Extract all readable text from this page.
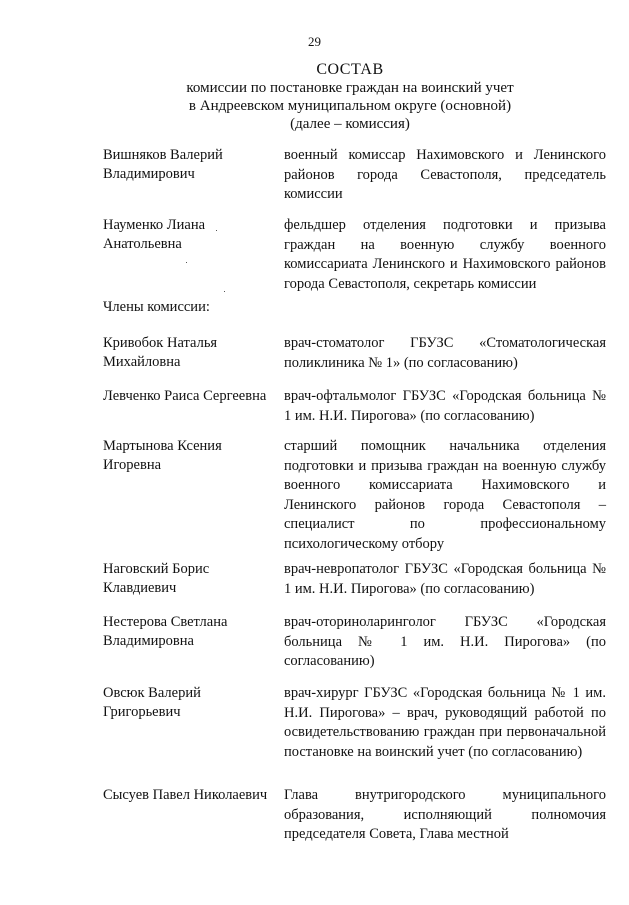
29
СОСТАВ
комиссии по постановке граждан на воинский учет
в Андреевском муниципальном округе (основной)
(далее – комиссия)
Вишняков Валерий Владимирович
военный комиссар Нахимовского и Ленинского районов города Севастополя, председатель комиссии
Науменко Лиана Анатольевна
фельдшер отделения подготовки и призыва граждан на военную службу военного комиссариата Ленинского и Нахимовского районов города Севастополя, секретарь комиссии
Члены комиссии:
Кривобок Наталья Михайловна
врач-стоматолог ГБУЗС «Стоматологическая поликлиника № 1» (по согласованию)
Левченко Раиса Сергеевна	врач-офтальмолог ГБУЗС «Городская больница № 1 им. Н.И. Пирогова» (по согласованию)
Мартынова Ксения Игоревна
старший помощник начальника отделения подготовки и призыва граждан на военную службу военного комиссариата Нахимовского и Ленинского районов города Севастополя – специалист по профессиональному психологическому отбору
Наговский Борис Клавдиевич
врач-невропатолог ГБУЗС «Городская больница № 1 им. Н.И. Пирогова» (по согласованию)
Нестерова Светлана Владимировна
врач-оториноларинголог ГБУЗС «Городская больница № 1 им. Н.И. Пирогова» (по согласованию)
Овсюк Валерий Григорьевич
врач-хирург ГБУЗС «Городская больница № 1 им. Н.И. Пирогова» – врач, руководящий работой по освидетельствованию граждан при первоначальной постановке на воинский учет (по согласованию)
Сысуев Павел Николаевич	Глава внутригородского муниципального образования, исполняющий полномочия председателя Совета, Глава местной
